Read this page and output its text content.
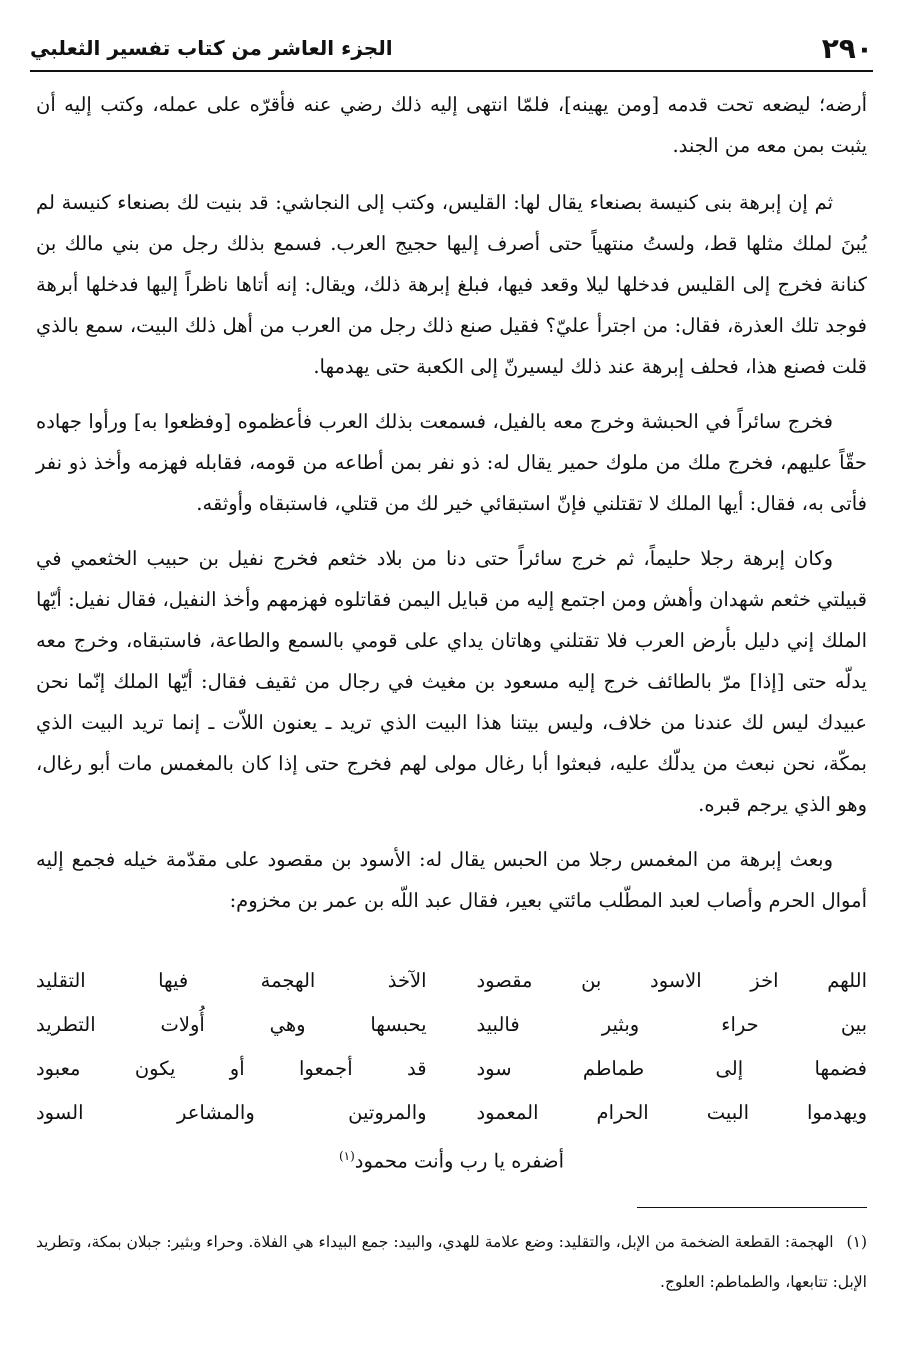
٢٩٠
الجزء العاشر من كتاب تفسير الثعلبي

أرضه؛ ليضعه تحت قدمه [ومن يهينه]، فلمّا انتهى إليه ذلك رضي عنه فأقرّه على عمله، وكتب إليه أن يثبت بمن معه من الجند.

ثم إن إبرهة بنى كنيسة بصنعاء يقال لها: القليس، وكتب إلى النجاشي: قد بنيت لك بصنعاء كنيسة لم يُبنَ لملك مثلها قط، ولستُ منتهياً حتى أصرف إليها حجيج العرب. فسمع بذلك رجل من بني مالك بن كنانة فخرج إلى القليس فدخلها ليلا وقعد فيها، فبلغ إبرهة ذلك، ويقال: إنه أتاها ناظراً إليها فدخلها أبرهة فوجد تلك العذرة، فقال: من اجترأ عليّ؟ فقيل صنع ذلك رجل من العرب من أهل ذلك البيت، سمع بالذي قلت فصنع هذا، فحلف إبرهة عند ذلك ليسيرنّ إلى الكعبة حتى يهدمها.

فخرج سائراً في الحبشة وخرج معه بالفيل، فسمعت بذلك العرب فأعظموه [وفظعوا به] ورأوا جهاده حقّاً عليهم، فخرج ملك من ملوك حمير يقال له: ذو نفر بمن أطاعه من قومه، فقابله فهزمه وأخذ ذو نفر فأتى به، فقال: أيها الملك لا تقتلني فإنّ استبقائي خير لك من قتلي، فاستبقاه وأوثقه.

وكان إبرهة رجلا حليماً، ثم خرج سائراً حتى دنا من بلاد خثعم فخرج نفيل بن حبيب الخثعمي في قبيلتي خثعم شهدان وأهش ومن اجتمع إليه من قبايل اليمن فقاتلوه فهزمهم وأخذ النفيل، فقال نفيل: أيّها الملك إني دليل بأرض العرب فلا تقتلني وهاتان يداي على قومي بالسمع والطاعة، فاستبقاه، وخرج معه يدلّه حتى [إذا] مرّ بالطائف خرج إليه مسعود بن مغيث في رجال من ثقيف فقال: أيّها الملك إنّما نحن عبيدك ليس لك عندنا من خلاف، وليس بيتنا هذا البيت الذي تريد ـ يعنون اللاّت ـ إنما تريد البيت الذي بمكّة، نحن نبعث من يدلّك عليه، فبعثوا أبا رغال مولى لهم فخرج حتى إذا كان بالمغمس مات أبو رغال، وهو الذي يرجم قبره.

وبعث إبرهة من المغمس رجلا من الحبس يقال له: الأسود بن مقصود على مقدّمة خيله فجمع إليه أموال الحرم وأصاب لعبد المطّلب مائتي بعير، فقال عبد اللّه بن عمر بن مخزوم:

اللهم اخز الاسود بن مقصود
الآخذ الهجمة فيها التقليد
بين حراء وبثير فالبيد
يحبسها وهي أُولات التطريد
فضمها إلى طماطم سود
قد أجمعوا أو يكون معبود
ويهدموا البيت الحرام المعمود
والمروتين والمشاعر السود
أضفره يا رب وأنت محمود$^{(١)}$
(١) الهجمة: القطعة الضخمة من الإبل، والتقليد: وضع علامة للهدي، والبيد: جمع البيداء هي الفلاة. وحراء وبثير: جبلان بمكة، وتطريد الإبل: تتابعها، والطماطم: العلوج.
